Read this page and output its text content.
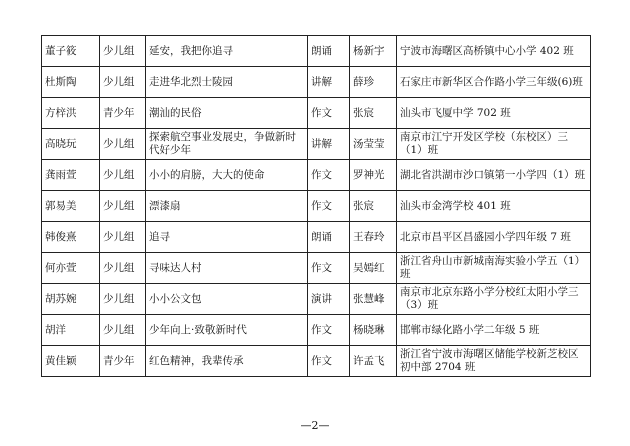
董子筱	少儿组	延安，我把你追寻	朗诵	杨新宇	宁波市海曙区高桥镇中心小学 402 班
杜斯陶	少儿组	走进华北烈士陵园	讲解	薛珍	石家庄市新华区合作路小学三年级(6)班
方梓洪	青少年	潮汕的民俗	作文	张宸	汕头市飞厦中学 702 班
高晓玩	少儿组	探索航空事业发展史，争做新时代好少年	讲解	汤莹莹	南京市江宁开发区学校（东校区）三（1）班
龚雨萱	少儿组	小小的肩膀，大大的使命	作文	罗神光	湖北省洪湖市沙口镇第一小学四（1）班
郭易美	少儿组	漂漆扇	作文	张宸	汕头市金湾学校 401 班
韩俊熹	少儿组	追寻	朗诵	王春玲	北京市昌平区昌盛园小学四年级 7 班
何亦萱	少儿组	寻味达人村	作文	吴嫣红	浙江省舟山市新城南海实验小学五（1）班
胡苏婉	少儿组	小小公文包	演讲	张慧峰	南京市北京东路小学分校红太阳小学三（3）班
胡洋	少儿组	少年向上·致敬新时代	作文	杨晓琳	邯郸市绿化路小学二年级 5 班
黄佳颖	青少年	红色精神，我辈传承	作文	许孟飞	浙江省宁波市海曙区储能学校新芝校区初中部 2704 班
—2—
